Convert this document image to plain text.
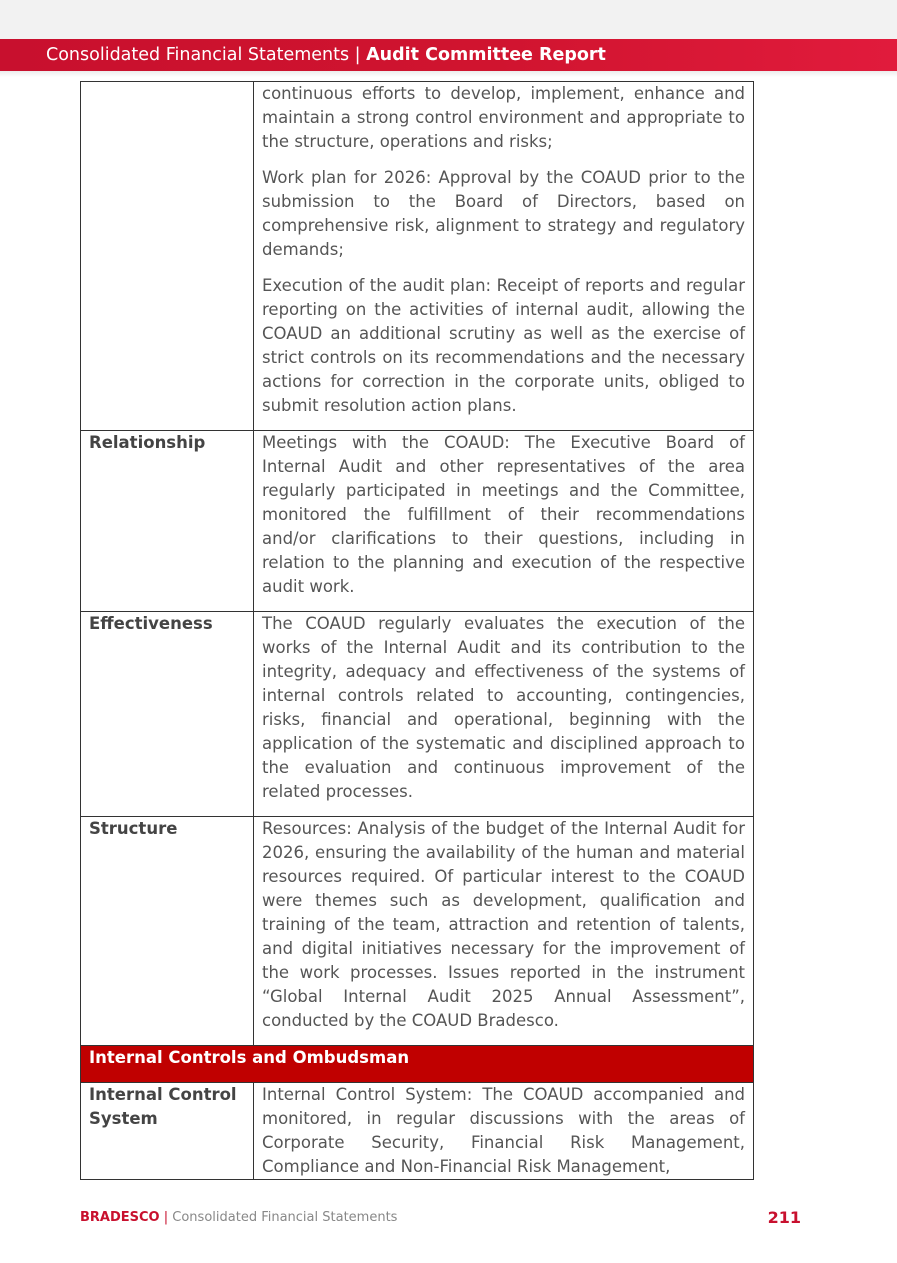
Consolidated Financial Statements | Audit Committee Report

	continuous efforts to develop, implement, enhance and maintain a strong control environment and appropriate to the structure, operations and risks;

Work plan for 2026: Approval by the COAUD prior to the submission to the Board of Directors, based on comprehensive risk, alignment to strategy and regulatory demands;

Execution of the audit plan: Receipt of reports and regular reporting on the activities of internal audit, allowing the COAUD an additional scrutiny as well as the exercise of strict controls on its recommendations and the necessary actions for correction in the corporate units, obliged to submit resolution action plans.

Relationship	Meetings with the COAUD: The Executive Board of Internal Audit and other representatives of the area regularly participated in meetings and the Committee, monitored the fulfillment of their recommendations and/or clarifications to their questions, including in relation to the planning and execution of the respective audit work.

Effectiveness	The COAUD regularly evaluates the execution of the works of the Internal Audit and its contribution to the integrity, adequacy and effectiveness of the systems of internal controls related to accounting, contingencies, risks, financial and operational, beginning with the application of the systematic and disciplined approach to the evaluation and continuous improvement of the related processes.

Structure	Resources: Analysis of the budget of the Internal Audit for 2026, ensuring the availability of the human and material resources required. Of particular interest to the COAUD were themes such as development, qualification and training of the team, attraction and retention of talents, and digital initiatives necessary for the improvement of the work processes. Issues reported in the instrument “Global Internal Audit 2025 Annual Assessment”, conducted by the COAUD Bradesco.

Internal Controls and Ombudsman	
Internal Control System	Internal Control System: The COAUD accompanied and monitored, in regular discussions with the areas of Corporate Security, Financial Risk Management, Compliance and Non-Financial Risk Management,

BRADESCO | Consolidated Financial Statements	211
